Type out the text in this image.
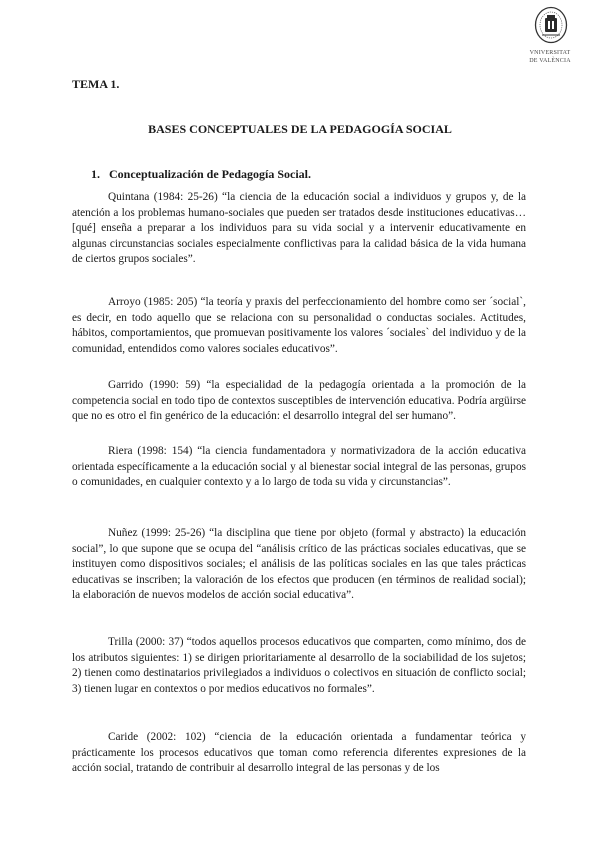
VNIVERSITAT
DE VALÈNCIA
TEMA 1.
BASES CONCEPTUALES DE LA PEDAGOGÍA SOCIAL
1. Conceptualización de Pedagogía Social.

Quintana (1984: 25-26) “la ciencia de la educación social a individuos y grupos y, de la atención a los problemas humano-sociales que pueden ser tratados desde instituciones educativas… [qué] enseña a preparar a los individuos para su vida social y a intervenir educativamente en algunas circunstancias sociales especialmente conflictivas para la calidad básica de la vida humana de ciertos grupos sociales”.

Arroyo (1985: 205) “la teoría y praxis del perfeccionamiento del hombre como ser ´social`, es decir, en todo aquello que se relaciona con su personalidad o conductas sociales. Actitudes, hábitos, comportamientos, que promuevan positivamente los valores ´sociales` del individuo y de la comunidad, entendidos como valores sociales educativos”.

Garrido (1990: 59) “la especialidad de la pedagogía orientada a la promoción de la competencia social en todo tipo de contextos susceptibles de intervención educativa. Podría argüirse que no es otro el fin genérico de la educación: el desarrollo integral del ser humano”.

Riera (1998: 154) “la ciencia fundamentadora y normativizadora de la acción educativa orientada específicamente a la educación social y al bienestar social integral de las personas, grupos o comunidades, en cualquier contexto y a lo largo de toda su vida y circunstancias”.

Nuñez (1999: 25-26) “la disciplina que tiene por objeto (formal y abstracto) la educación social”, lo que supone que se ocupa del “análisis crítico de las prácticas sociales educativas, que se instituyen como dispositivos sociales; el análisis de las políticas sociales en las que tales prácticas educativas se inscriben; la valoración de los efectos que producen (en términos de realidad social); la elaboración de nuevos modelos de acción social educativa”.

Trilla (2000: 37) “todos aquellos procesos educativos que comparten, como mínimo, dos de los atributos siguientes: 1) se dirigen prioritariamente al desarrollo de la sociabilidad de los sujetos; 2) tienen como destinatarios privilegiados a individuos o colectivos en situación de conflicto social; 3) tienen lugar en contextos o por medios educativos no formales”.

Caride (2002: 102) “ciencia de la educación orientada a fundamentar teórica y prácticamente los procesos educativos que toman como referencia diferentes expresiones de la acción social, tratando de contribuir al desarrollo integral de las personas y de los
